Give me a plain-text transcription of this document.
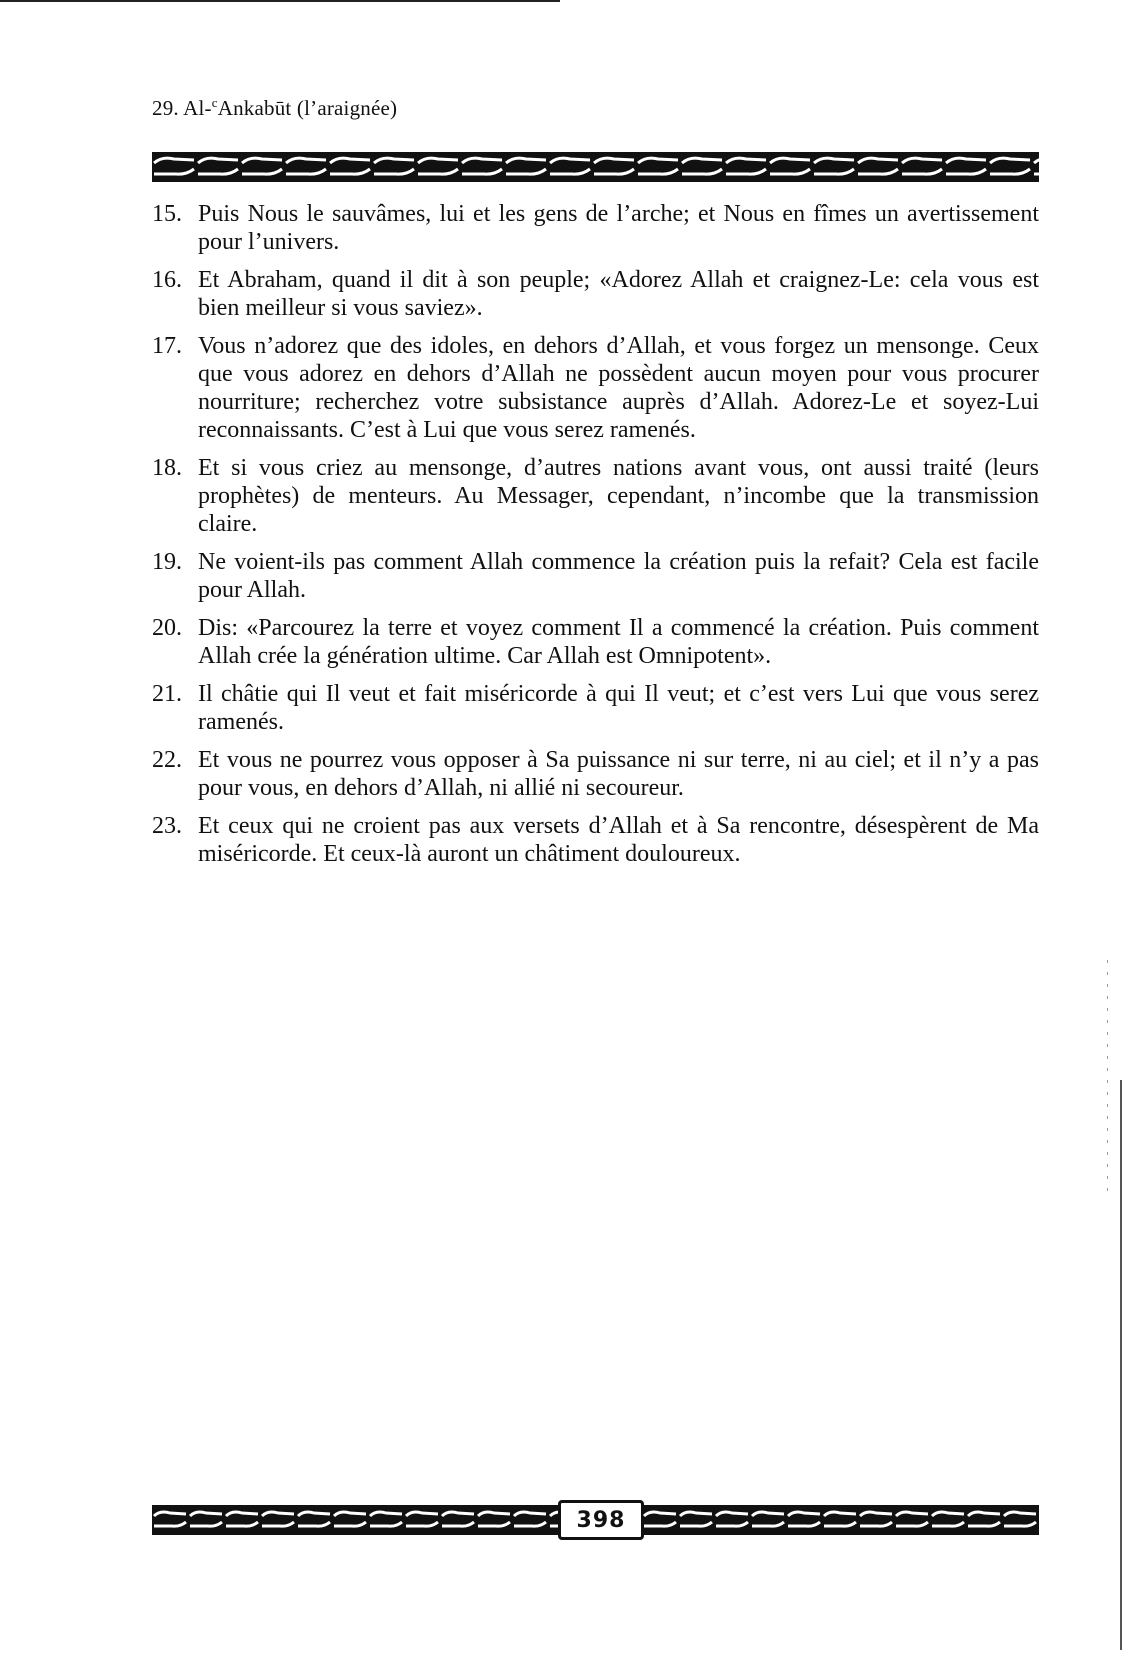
29. Al-$^c$Ankabūt (l’araignée)
15. Puis Nous le sauvâmes, lui et les gens de l’arche; et Nous en fîmes un avertissement pour l’univers.
16. Et Abraham, quand il dit à son peuple; «Adorez Allah et craignez-Le: cela vous est bien meilleur si vous saviez».
17. Vous n’adorez que des idoles, en dehors d’Allah, et vous forgez un mensonge. Ceux que vous adorez en dehors d’Allah ne possèdent aucun moyen pour vous procurer nourriture; recherchez votre subsistance auprès d’Allah. Adorez-Le et soyez-Lui reconnaissants. C’est à Lui que vous serez ramenés.
18. Et si vous criez au mensonge, d’autres nations avant vous, ont aussi traité (leurs prophètes) de menteurs. Au Messager, cependant, n’incombe que la transmission claire.
19. Ne voient-ils pas comment Allah commence la création puis la refait? Cela est facile pour Allah.
20. Dis: «Parcourez la terre et voyez comment Il a commencé la création. Puis comment Allah crée la génération ultime. Car Allah est Omnipotent».
21. Il châtie qui Il veut et fait miséricorde à qui Il veut; et c’est vers Lui que vous serez ramenés.
22. Et vous ne pourrez vous opposer à Sa puissance ni sur terre, ni au ciel; et il n’y a pas pour vous, en dehors d’Allah, ni allié ni secoureur.
23. Et ceux qui ne croient pas aux versets d’Allah et à Sa rencontre, désespèrent de Ma miséricorde. Et ceux-là auront un châtiment douloureux.
398
